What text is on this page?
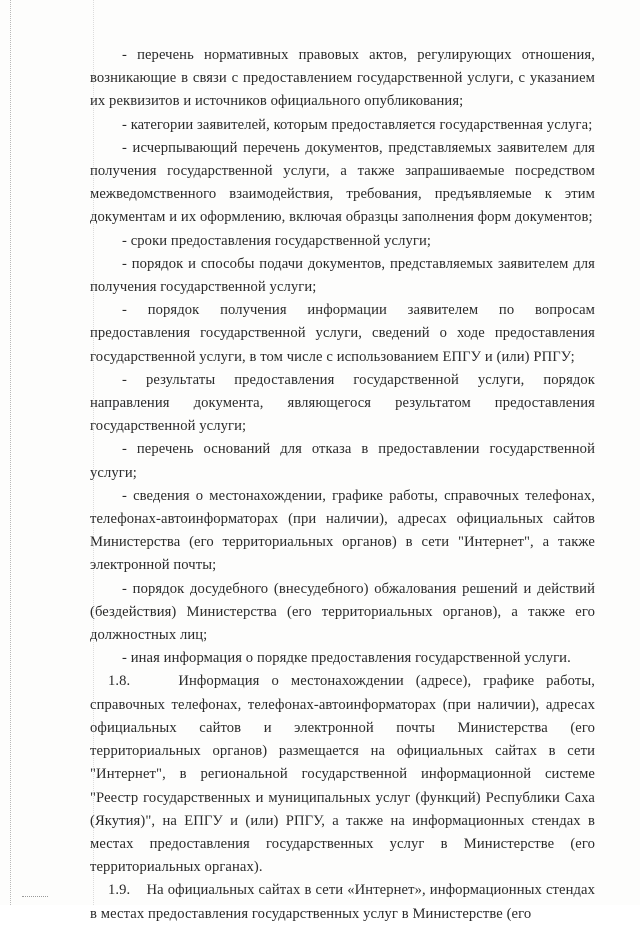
- перечень нормативных правовых актов, регулирующих отношения, возникающие в связи с предоставлением государственной услуги, с указанием их реквизитов и источников официального опубликования;

- категории заявителей, которым предоставляется государственная услуга;

- исчерпывающий перечень документов, представляемых заявителем для получения государственной услуги, а также запрашиваемые посредством межведомственного взаимодействия, требования, предъявляемые к этим документам и их оформлению, включая образцы заполнения форм документов;

- сроки предоставления государственной услуги;

- порядок и способы подачи документов, представляемых заявителем для получения государственной услуги;

- порядок получения информации заявителем по вопросам предоставления государственной услуги, сведений о ходе предоставления государственной услуги, в том числе с использованием ЕПГУ и (или) РПГУ;

- результаты предоставления государственной услуги, порядок направления документа, являющегося результатом предоставления государственной услуги;

- перечень оснований для отказа в предоставлении государственной услуги;

- сведения о местонахождении, графике работы, справочных телефонах, телефонах-автоинформаторах (при наличии), адресах официальных сайтов Министерства (его территориальных органов) в сети "Интернет", а также электронной почты;

- порядок досудебного (внесудебного) обжалования решений и действий (бездействия) Министерства (его территориальных органов), а также его должностных лиц;

- иная информация о порядке предоставления государственной услуги.

1.8.	Информация о местонахождении (адресе), графике работы, справочных телефонах, телефонах-автоинформаторах (при наличии), адресах официальных сайтов и электронной почты Министерства (его территориальных органов) размещается на официальных сайтах в сети "Интернет", в региональной государственной информационной системе "Реестр государственных и муниципальных услуг (функций) Республики Саха (Якутия)", на ЕПГУ и (или) РПГУ, а также на информационных стендах в местах предоставления государственных услуг в Министерстве (его территориальных органах).

1.9. На официальных сайтах в сети «Интернет», информационных стендах в местах предоставления государственных услуг в Министерстве (его
